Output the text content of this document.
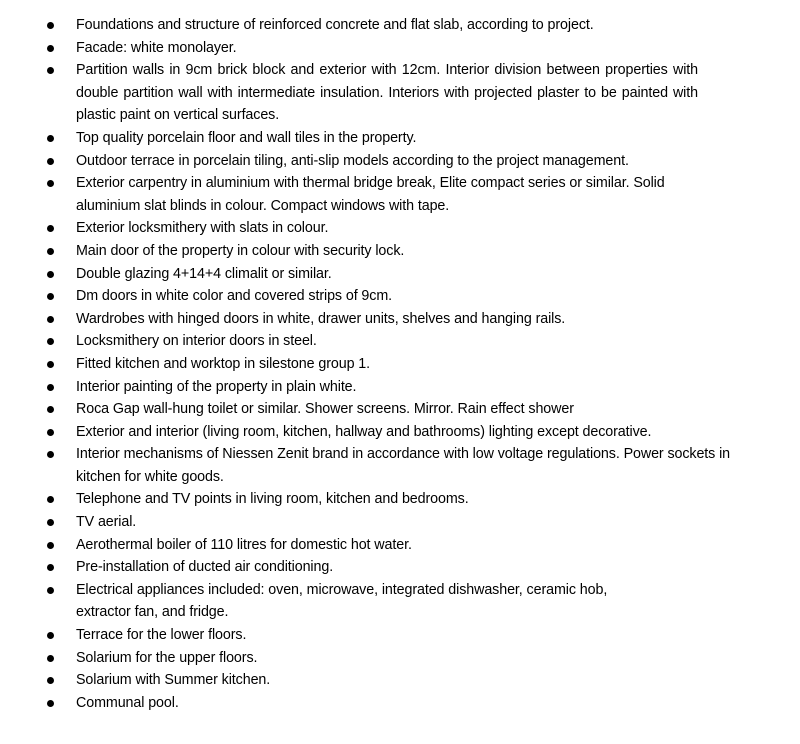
Foundations and structure of reinforced concrete and flat slab, according to project.
Facade: white monolayer.
Partition walls in 9cm brick block and exterior with 12cm. Interior division between properties with double partition wall with intermediate insulation. Interiors with projected plaster to be painted with plastic paint on vertical surfaces.
Top quality porcelain floor and wall tiles in the property.
Outdoor terrace in porcelain tiling, anti-slip models according to the project management.
Exterior carpentry in aluminium with thermal bridge break, Elite compact series or similar. Solid aluminium slat blinds in colour. Compact windows with tape.
Exterior locksmithery with slats in colour.
Main door of the property in colour with security lock.
Double glazing 4+14+4 climalit or similar.
Dm doors in white color and covered strips of 9cm.
Wardrobes with hinged doors in white, drawer units, shelves and hanging rails.
Locksmithery on interior doors in steel.
Fitted kitchen and worktop in silestone group 1.
Interior painting of the property in plain white.
Roca Gap wall-hung toilet or similar. Shower screens. Mirror. Rain effect shower
Exterior and interior (living room, kitchen, hallway and bathrooms) lighting except decorative.
Interior mechanisms of Niessen Zenit brand in accordance with low voltage regulations. Power sockets in kitchen for white goods.
Telephone and TV points in living room, kitchen and bedrooms.
TV aerial.
Aerothermal boiler of 110 litres for domestic hot water.
Pre-installation of ducted air conditioning.
Electrical appliances included: oven, microwave, integrated dishwasher, ceramic hob, extractor fan, and fridge.
Terrace for the lower floors.
Solarium for the upper floors.
Solarium with Summer kitchen.
Communal pool.
